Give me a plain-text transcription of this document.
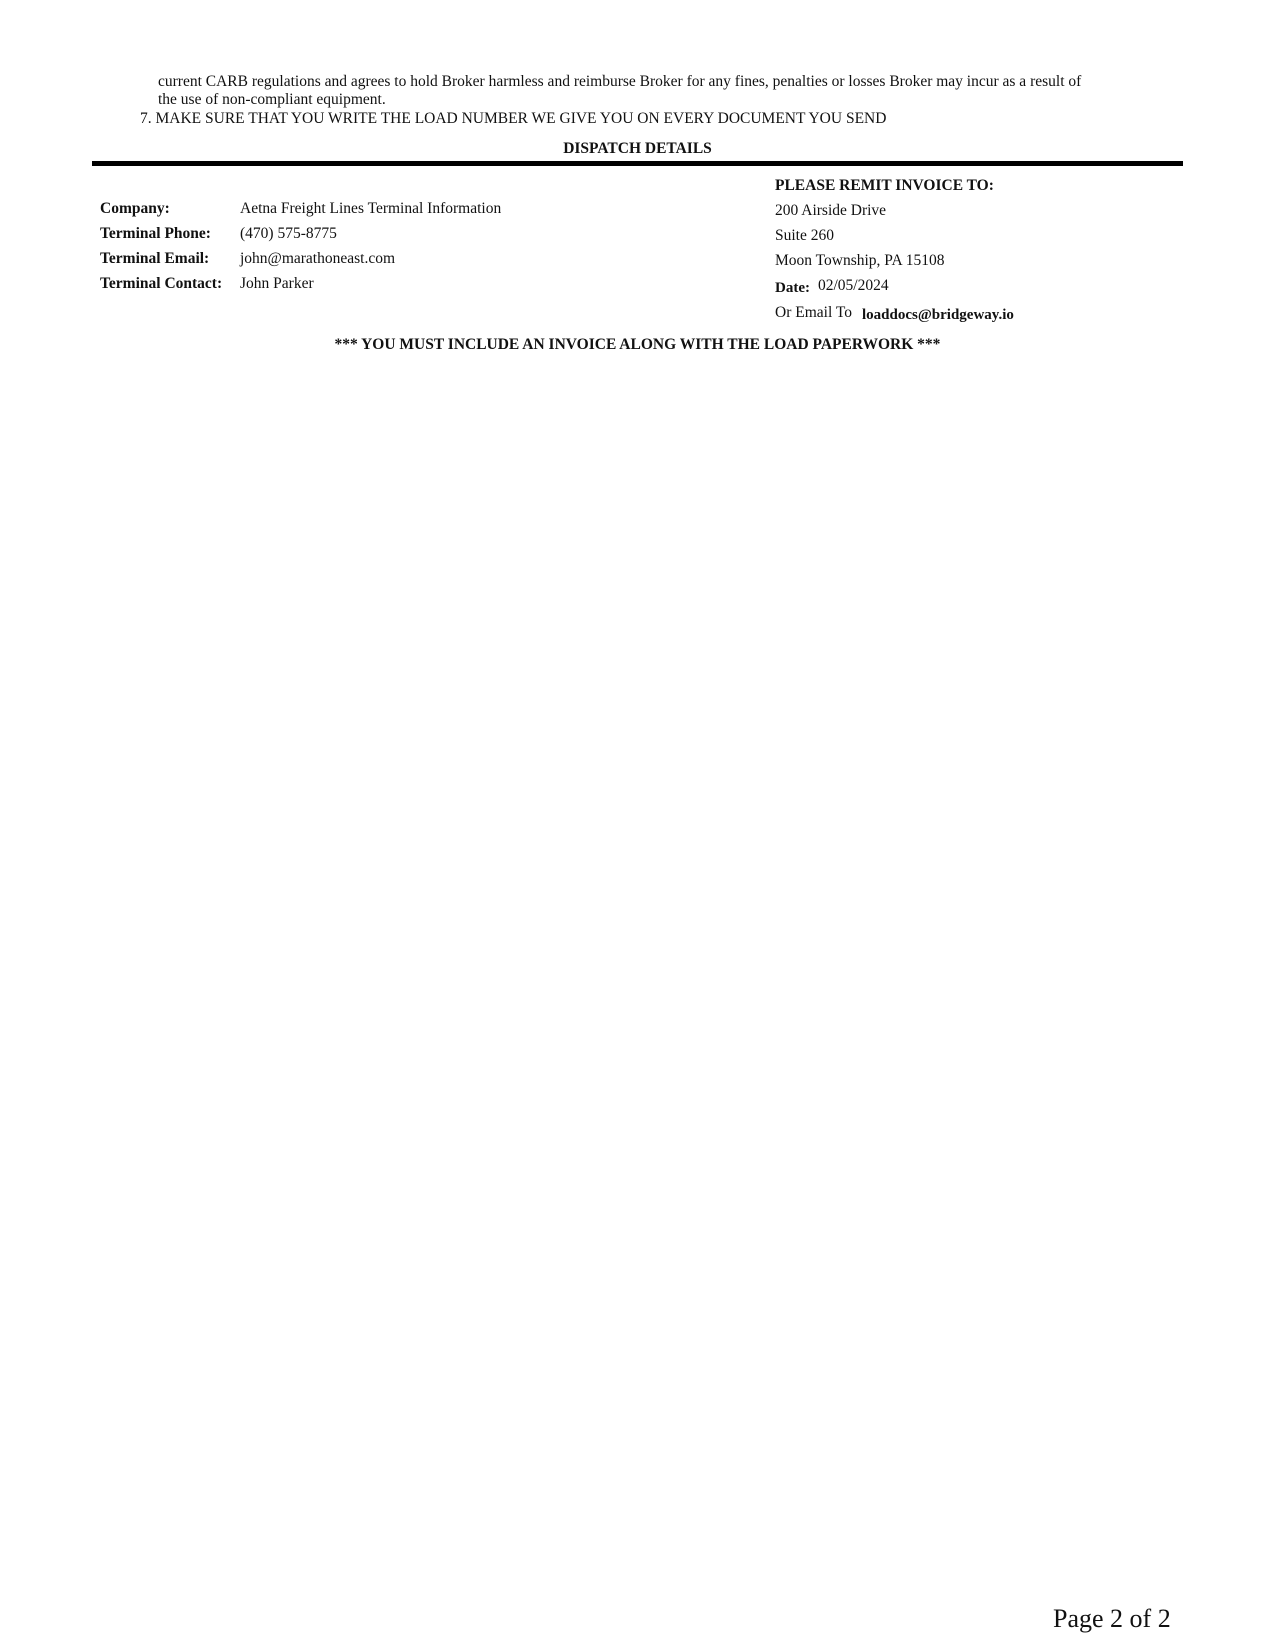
current CARB regulations and agrees to hold Broker harmless and reimburse Broker for any fines, penalties or losses Broker may incur as a result of
the use of non-compliant equipment.
7. MAKE SURE THAT YOU WRITE THE LOAD NUMBER WE GIVE YOU ON EVERY DOCUMENT YOU SEND
DISPATCH DETAILS
Company:	Aetna Freight Lines Terminal Information
Terminal Phone: (470) 575-8775
Terminal Email: john@marathoneast.com
Terminal Contact: John Parker
PLEASE REMIT INVOICE TO:
200 Airside Drive
Suite 260
Moon Township, PA 15108
Date: 02/05/2024
Or Email To loaddocs@bridgeway.io
*** YOU MUST INCLUDE AN INVOICE ALONG WITH THE LOAD PAPERWORK ***
Page 2 of 2
